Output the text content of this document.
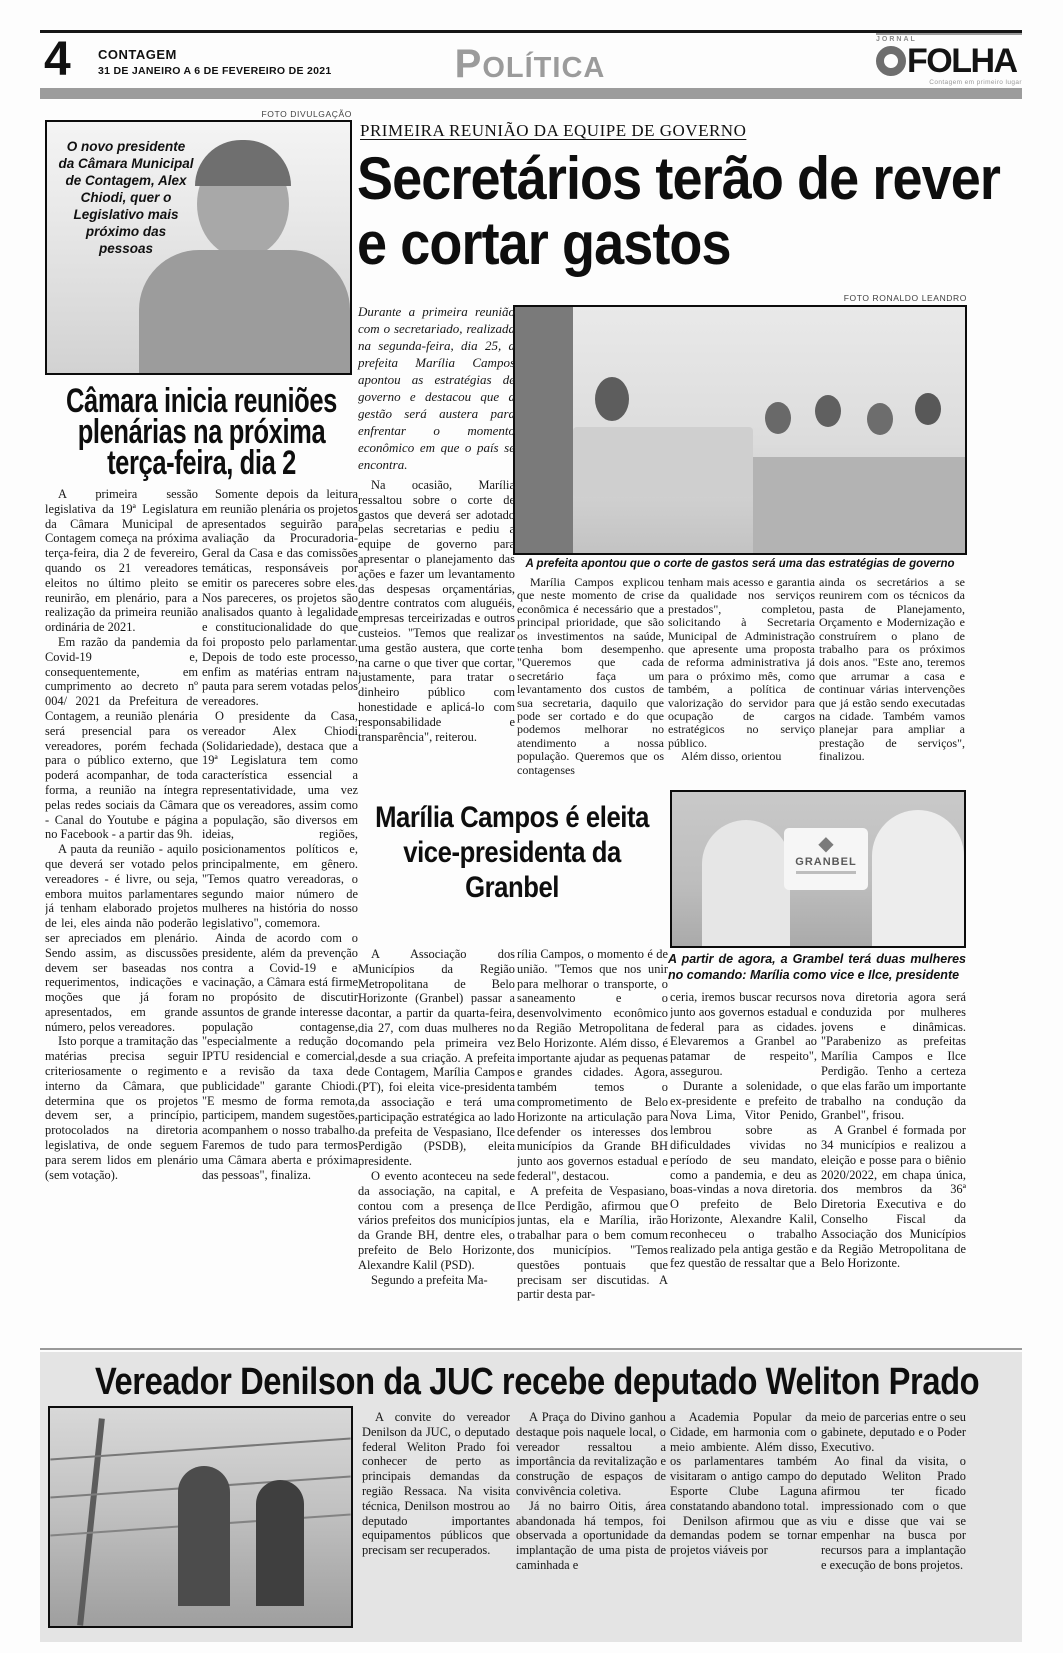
4 CONTAGEM
31 DE JANEIRO A 6 DE FEVEREIRO DE 2021	POLÍTICA
JORNAL
FOLHA
Contagem em primeiro lugar
FOTO DIVULGAÇÃO
O novo presidente da Câmara Municipal de Contagem, Alex Chiodi, quer o Legislativo mais próximo das pessoas
PRIMEIRA REUNIÃO DA EQUIPE DE GOVERNO
Secretários terão de rever e cortar gastos
FOTO RONALDO LEANDRO
A prefeita apontou que o corte de gastos será uma das estratégias de governo
Durante a primeira reunião com o secretariado, realizada na segunda-feira, dia 25, a prefeita Marília Campos apontou as estratégias de governo e destacou que a gestão será austera para enfrentar o momento econômico em que o país se encontra.

Na ocasião, Marília ressaltou sobre o corte de gastos que deverá ser adotado pelas secretarias e pediu a equipe de governo para apresentar o planejamento das ações e fazer um levantamento das despesas orçamentárias, dentre contratos com aluguéis, empresas terceirizadas e outros custeios. "Temos que realizar uma gestão austera, que corte na carne o que tiver que cortar, justamente, para tratar o dinheiro público com honestidade e aplicá-lo com responsabilidade e transparência", reiterou.

Marília Campos explicou que neste momento de crise econômica é necessário que a principal prioridade, que são os investimentos na saúde, tenha bom desempenho. "Queremos que cada secretário faça um levantamento dos custos de sua secretaria, daquilo que pode ser cortado e do que podemos melhorar no atendimento a nossa população. Queremos que os contagenses

tenham mais acesso e garantia da qualidade nos serviços prestados", completou, solicitando à Secretaria Municipal de Administração que apresente uma proposta de reforma administrativa já para o próximo mês, como também, a política de valorização do servidor para ocupação de cargos estratégicos no serviço público.

Além disso, orientou

ainda os secretários a se reunirem com os técnicos da pasta de Planejamento, Orçamento e Modernização e construírem o plano de trabalho para os próximos dois anos. "Este ano, teremos que arrumar a casa e continuar várias intervenções que já estão sendo executadas na cidade. Também vamos planejar para ampliar a prestação de serviços", finalizou.

Câmara inicia reuniões plenárias na próxima terça-feira, dia 2

A primeira sessão legislativa da 19ª Legislatura da Câmara Municipal de Contagem começa na próxima terça-feira, dia 2 de fevereiro, quando os 21 vereadores eleitos no último pleito se reunirão, em plenário, para a realização da primeira reunião ordinária de 2021.

Em razão da pandemia da Covid-19 e, consequentemente, em cumprimento ao decreto nº 004/ 2021 da Prefeitura de Contagem, a reunião plenária será presencial para os vereadores, porém fechada para o público externo, que poderá acompanhar, de toda forma, a reunião na íntegra pelas redes sociais da Câmara - Canal do Youtube e página no Facebook - a partir das 9h.

A pauta da reunião - aquilo que deverá ser votado pelos vereadores - é livre, ou seja, embora muitos parlamentares já tenham elaborado projetos de lei, eles ainda não poderão ser apreciados em plenário. Sendo assim, as discussões devem ser baseadas nos requerimentos, indicações e moções que já foram apresentados, em grande número, pelos vereadores.

Isto porque a tramitação das matérias precisa seguir criteriosamente o regimento interno da Câmara, que determina que os projetos devem ser, a princípio, protocolados na diretoria legislativa, de onde seguem para serem lidos em plenário (sem votação).

Somente depois da leitura em reunião plenária os projetos apresentados seguirão para avaliação da Procuradoria-Geral da Casa e das comissões temáticas, responsáveis por emitir os pareceres sobre eles. Nos pareceres, os projetos são analisados quanto à legalidade e constitucionalidade do que foi proposto pelo parlamentar. Depois de todo este processo, enfim as matérias entram na pauta para serem votadas pelos vereadores.

O presidente da Casa, vereador Alex Chiodi (Solidariedade), destaca que a 19ª Legislatura tem como característica essencial a representatividade, uma vez que os vereadores, assim como a população, são diversos em ideias, regiões, posicionamentos políticos e, principalmente, em gênero. "Temos quatro vereadoras, o segundo maior número de mulheres na história do nosso legislativo", comemora.

Ainda de acordo com o presidente, além da prevenção contra a Covid-19 e a vacinação, a Câmara está firme no propósito de discutir assuntos de grande interesse da população contagense, "especialmente a redução do IPTU residencial e comercial, e a revisão da taxa de publicidade" garante Chiodi. "E mesmo de forma remota, participem, mandem sugestões, acompanhem o nosso trabalho. Faremos de tudo para termos uma Câmara aberta e próxima das pessoas", finaliza.

Marília Campos é eleita vice-presidenta da Granbel
◆
GRANBEL
A partir de agora, a Grambel terá duas mulheres no comando: Marília como vice e Ilce, presidente

A Associação dos Municípios da Região Metropolitana de Belo Horizonte (Granbel) passar a contar, a partir da quarta-feira, dia 27, com duas mulheres no comando pela primeira vez desde a sua criação. A prefeita de Contagem, Marília Campos (PT), foi eleita vice-presidenta da associação e terá uma participação estratégica ao lado da prefeita de Vespasiano, Ilce Perdigão (PSDB), eleita presidente.

O evento aconteceu na sede da associação, na capital, e contou com a presença de vários prefeitos dos municípios da Grande BH, dentre eles, o prefeito de Belo Horizonte, Alexandre Kalil (PSD).

Segundo a prefeita Ma-

rília Campos, o momento é de união. "Temos que nos unir para melhorar o transporte, o saneamento e o desenvolvimento econômico da Região Metropolitana de Belo Horizonte. Além disso, é importante ajudar as pequenas e grandes cidades. Agora, também temos o comprometimento de Belo Horizonte na articulação para defender os interesses dos municípios da Grande BH junto aos governos estadual e federal", destacou.

A prefeita de Vespasiano, Ilce Perdigão, afirmou que juntas, ela e Marília, irão trabalhar para o bem comum dos municípios. "Temos questões pontuais que precisam ser discutidas. A partir desta par-

ceria, iremos buscar recursos junto aos governos estadual e federal para as cidades. Elevaremos a Granbel ao patamar de respeito", assegurou.

Durante a solenidade, o ex-presidente e prefeito de Nova Lima, Vitor Penido, lembrou sobre as dificuldades vividas no período de seu mandato, como a pandemia, e deu as boas-vindas a nova diretoria. O prefeito de Belo Horizonte, Alexandre Kalil, reconheceu o trabalho realizado pela antiga gestão e fez questão de ressaltar que a

nova diretoria agora será conduzida por mulheres jovens e dinâmicas. "Parabenizo as prefeitas Marília Campos e Ilce Perdigão. Tenho a certeza que elas farão um importante trabalho na condução da Granbel", frisou.

A Granbel é formada por 34 municípios e realizou a eleição e posse para o biênio 2020/2022, em chapa única, dos membros da 36ª Diretoria Executiva e do Conselho Fiscal da Associação dos Municípios da Região Metropolitana de Belo Horizonte.

Vereador Denilson da JUC recebe deputado Weliton Prado

A convite do vereador Denilson da JUC, o deputado federal Weliton Prado foi conhecer de perto as principais demandas da região Ressaca. Na visita técnica, Denilson mostrou ao deputado importantes equipamentos públicos que precisam ser recuperados.

A Praça do Divino ganhou destaque pois naquele local, o vereador ressaltou a importância da revitalização e construção de espaços de convivência coletiva.

Já no bairro Oitis, área abandonada há tempos, foi observada a oportunidade da implantação de uma pista de caminhada e

a Academia Popular da Cidade, em harmonia com o meio ambiente. Além disso, os parlamentares também visitaram o antigo campo do Esporte Clube Laguna constatando abandono total.

Denilson afirmou que as demandas podem se tornar projetos viáveis por

meio de parcerias entre o seu gabinete, deputado e o Poder Executivo.

Ao final da visita, o deputado Weliton Prado afirmou ter ficado impressionado com o que viu e disse que vai se empenhar na busca por recursos para a implantação e execução de bons projetos.
